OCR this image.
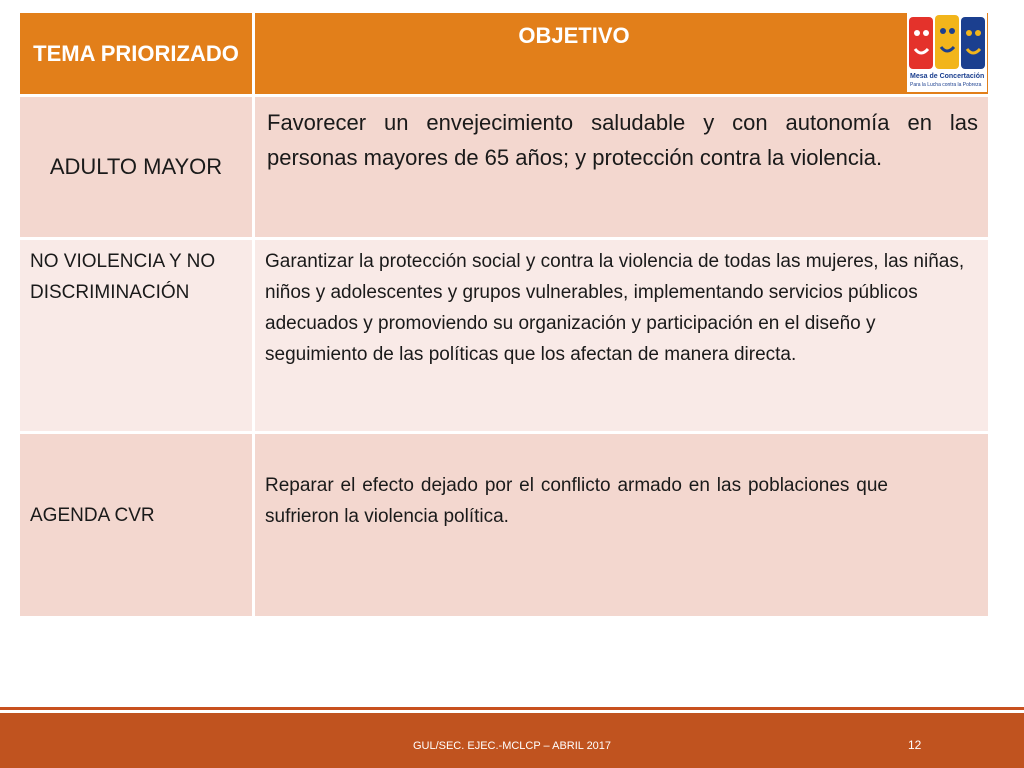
TEMA PRIORIZADO
OBJETIVO
ADULTO MAYOR
Favorecer un envejecimiento saludable y con autonomía en las personas mayores de 65 años; y protección contra la violencia.
NO VIOLENCIA Y NO DISCRIMINACIÓN
Garantizar la protección social y contra la violencia de todas las mujeres, las niñas, niños y adolescentes y grupos vulnerables, implementando servicios públicos adecuados y promoviendo su organización y participación en el diseño y seguimiento de las políticas que los afectan de manera directa.
AGENDA CVR
Reparar el efecto dejado por el conflicto armado en las poblaciones que sufrieron la violencia política.
Mesa de Concertación
Para la Lucha contra la Pobreza
GUL/SEC. EJEC.-MCLCP – ABRIL 2017	12
